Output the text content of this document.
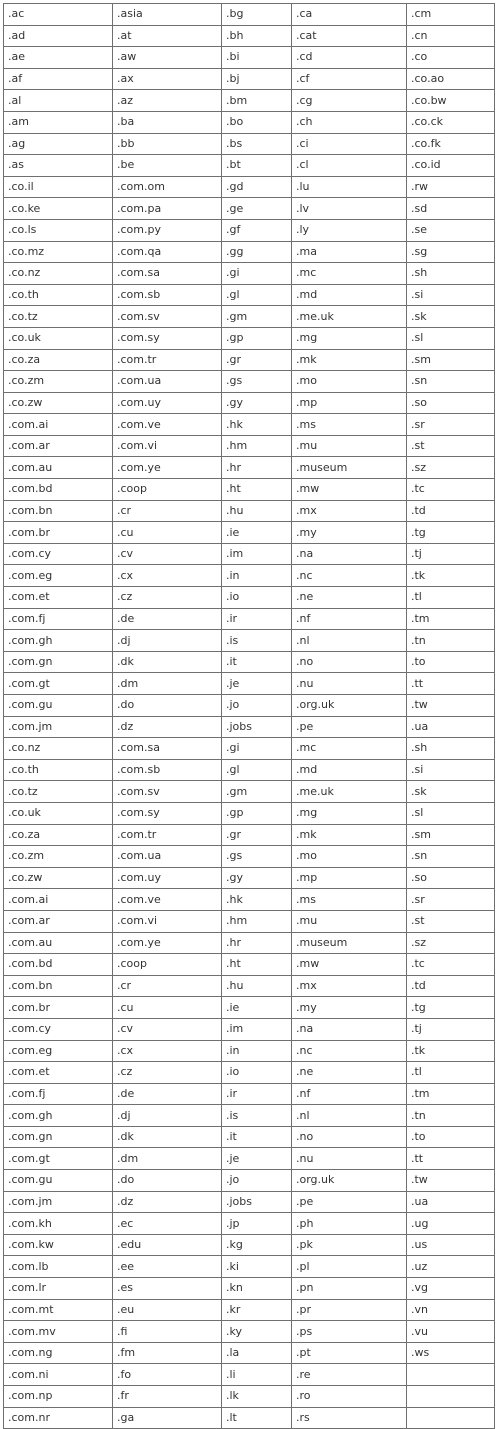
.ac	.asia	.bg	.ca	.cm
.ad	.at	.bh	.cat	.cn
.ae	.aw	.bi	.cd	.co
.af	.ax	.bj	.cf	.co.ao
.al	.az	.bm	.cg	.co.bw
.am	.ba	.bo	.ch	.co.ck
.ag	.bb	.bs	.ci	.co.fk
.as	.be	.bt	.cl	.co.id
.co.il	.com.om	.gd	.lu	.rw
.co.ke	.com.pa	.ge	.lv	.sd
.co.ls	.com.py	.gf	.ly	.se
.co.mz	.com.qa	.gg	.ma	.sg
.co.nz	.com.sa	.gi	.mc	.sh
.co.th	.com.sb	.gl	.md	.si
.co.tz	.com.sv	.gm	.me.uk	.sk
.co.uk	.com.sy	.gp	.mg	.sl
.co.za	.com.tr	.gr	.mk	.sm
.co.zm	.com.ua	.gs	.mo	.sn
.co.zw	.com.uy	.gy	.mp	.so
.com.ai	.com.ve	.hk	.ms	.sr
.com.ar	.com.vi	.hm	.mu	.st
.com.au	.com.ye	.hr	.museum	.sz
.com.bd	.coop	.ht	.mw	.tc
.com.bn	.cr	.hu	.mx	.td
.com.br	.cu	.ie	.my	.tg
.com.cy	.cv	.im	.na	.tj
.com.eg	.cx	.in	.nc	.tk
.com.et	.cz	.io	.ne	.tl
.com.fj	.de	.ir	.nf	.tm
.com.gh	.dj	.is	.nl	.tn
.com.gn	.dk	.it	.no	.to
.com.gt	.dm	.je	.nu	.tt
.com.gu	.do	.jo	.org.uk	.tw
.com.jm	.dz	.jobs	.pe	.ua
.co.nz	.com.sa	.gi	.mc	.sh
.co.th	.com.sb	.gl	.md	.si
.co.tz	.com.sv	.gm	.me.uk	.sk
.co.uk	.com.sy	.gp	.mg	.sl
.co.za	.com.tr	.gr	.mk	.sm
.co.zm	.com.ua	.gs	.mo	.sn
.co.zw	.com.uy	.gy	.mp	.so
.com.ai	.com.ve	.hk	.ms	.sr
.com.ar	.com.vi	.hm	.mu	.st
.com.au	.com.ye	.hr	.museum	.sz
.com.bd	.coop	.ht	.mw	.tc
.com.bn	.cr	.hu	.mx	.td
.com.br	.cu	.ie	.my	.tg
.com.cy	.cv	.im	.na	.tj
.com.eg	.cx	.in	.nc	.tk
.com.et	.cz	.io	.ne	.tl
.com.fj	.de	.ir	.nf	.tm
.com.gh	.dj	.is	.nl	.tn
.com.gn	.dk	.it	.no	.to
.com.gt	.dm	.je	.nu	.tt
.com.gu	.do	.jo	.org.uk	.tw
.com.jm	.dz	.jobs	.pe	.ua
.com.kh	.ec	.jp	.ph	.ug
.com.kw	.edu	.kg	.pk	.us
.com.lb	.ee	.ki	.pl	.uz
.com.lr	.es	.kn	.pn	.vg
.com.mt	.eu	.kr	.pr	.vn
.com.mv	.fi	.ky	.ps	.vu
.com.ng	.fm	.la	.pt	.ws
.com.ni	.fo	.li	.re	
.com.np	.fr	.lk	.ro	
.com.nr	.ga	.lt	.rs	
